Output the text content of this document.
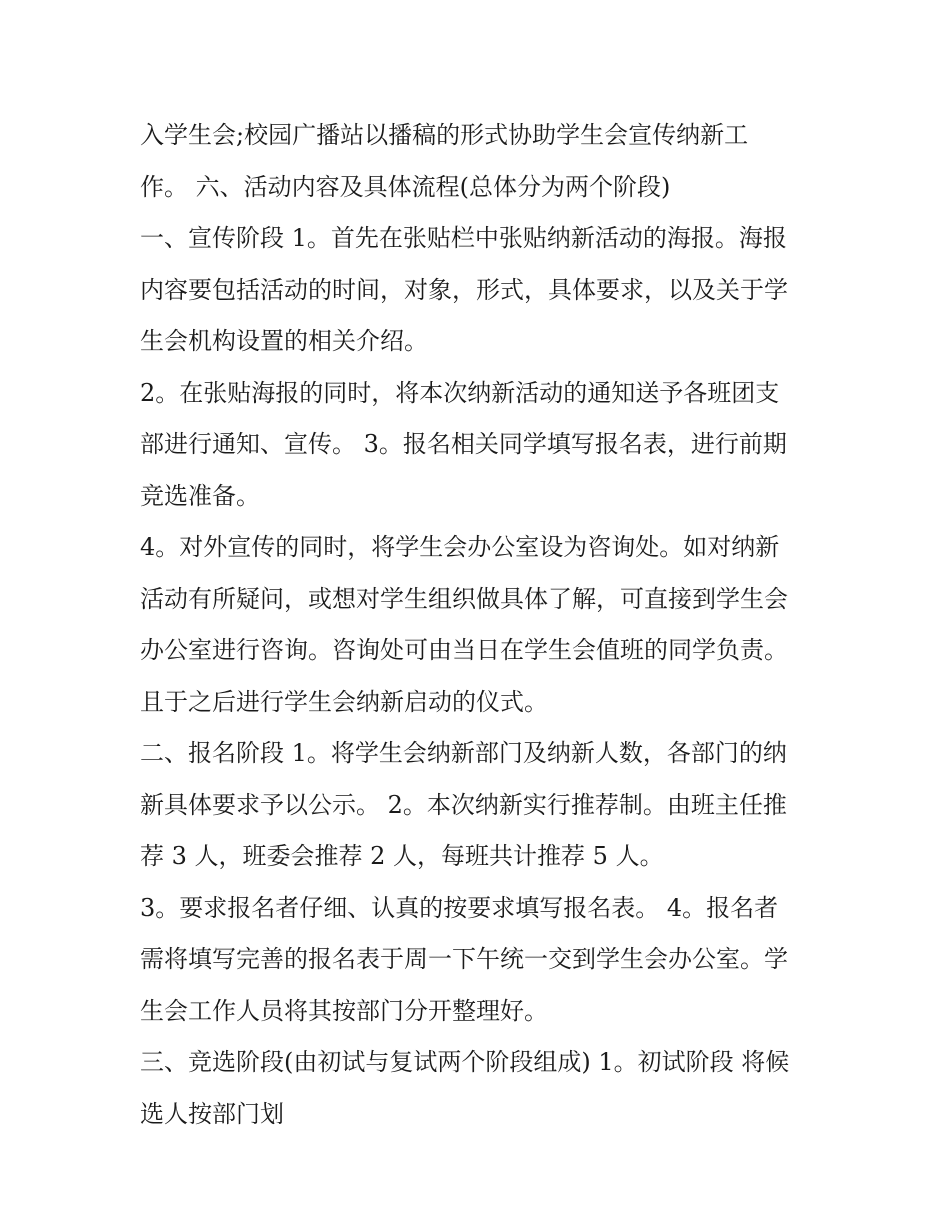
入学生会;校园广播站以播稿的形式协助学生会宣传纳新工
作。 六、活动内容及具体流程(总体分为两个阶段)
一、宣传阶段 1。首先在张贴栏中张贴纳新活动的海报。海报
内容要包括活动的时间，对象，形式，具体要求，以及关于学
生会机构设置的相关介绍。
2。在张贴海报的同时，将本次纳新活动的通知送予各班团支
部进行通知、宣传。 3。报名相关同学填写报名表，进行前期
竞选准备。
4。对外宣传的同时，将学生会办公室设为咨询处。如对纳新
活动有所疑问，或想对学生组织做具体了解，可直接到学生会
办公室进行咨询。咨询处可由当日在学生会值班的同学负责。
且于之后进行学生会纳新启动的仪式。
二、报名阶段 1。将学生会纳新部门及纳新人数，各部门的纳
新具体要求予以公示。 2。本次纳新实行推荐制。由班主任推
荐 3 人，班委会推荐 2 人，每班共计推荐 5 人。
3。要求报名者仔细、认真的按要求填写报名表。 4。报名者
需将填写完善的报名表于周一下午统一交到学生会办公室。学
生会工作人员将其按部门分开整理好。
三、竞选阶段(由初试与复试两个阶段组成) 1。初试阶段 将候
选人按部门划
